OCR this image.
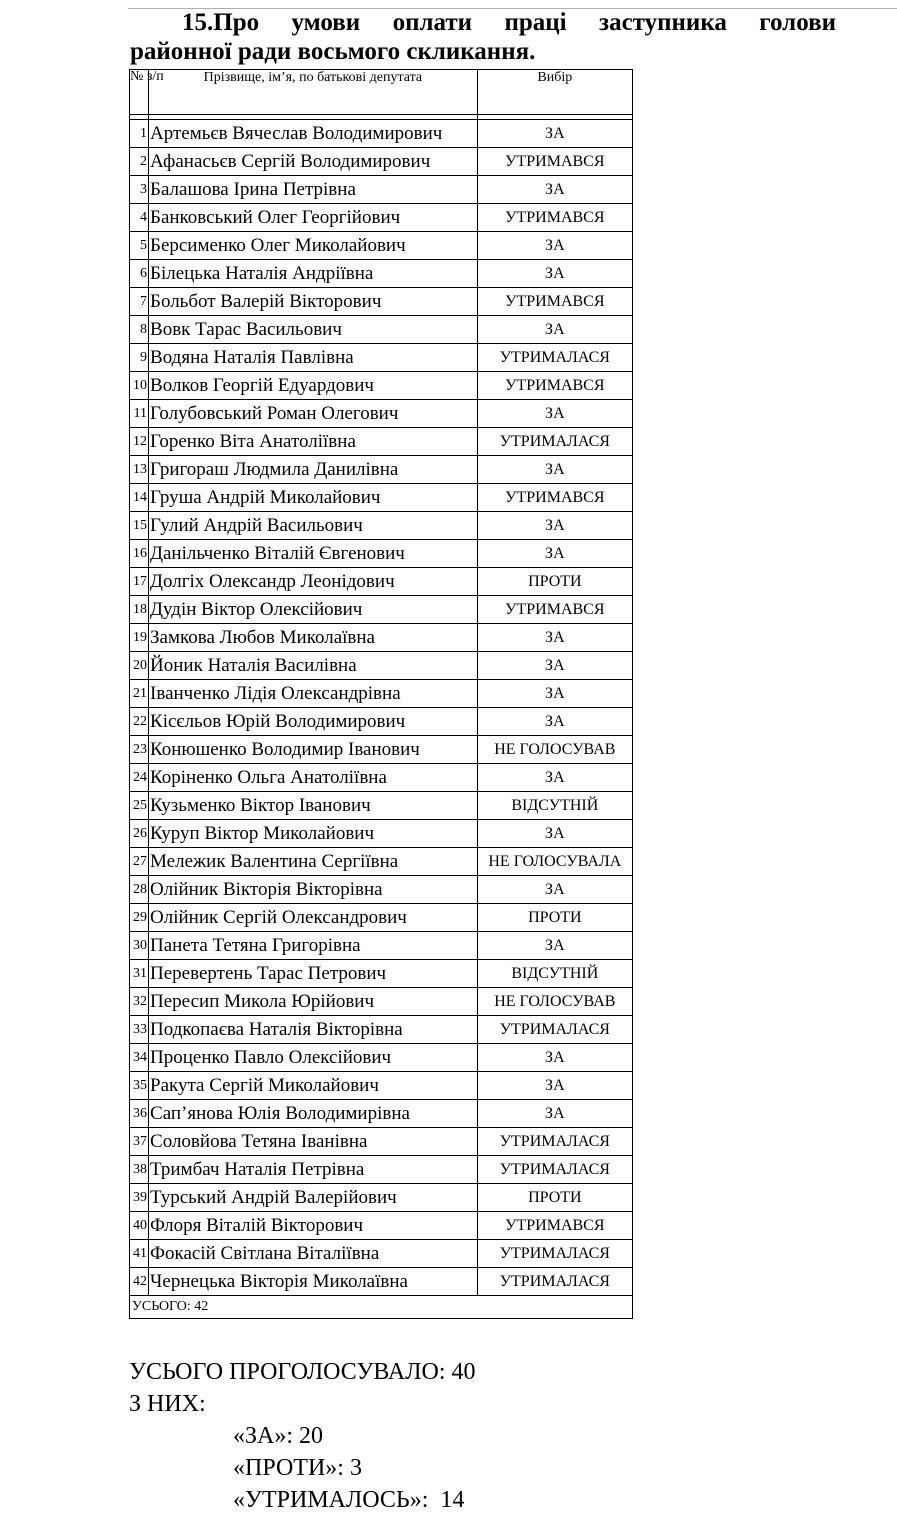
15.Про умови оплати праці заступника голови
районної ради восьмого скликання.
№ з/п	Прізвище, ім’я, по батькові депутата	Вибір

1	Артемьєв Вячеслав Володимирович	ЗА
2	Афанасьєв Сергій Володимирович	УТРИМАВСЯ
3	Балашова Ірина Петрівна	ЗА
4	Банковський Олег Георгійович	УТРИМАВСЯ
5	Берсименко Олег Миколайович	ЗА
6	Білецька Наталія Андріївна	ЗА
7	Больбот Валерій Вікторович	УТРИМАВСЯ
8	Вовк Тарас Васильович	ЗА
9	Водяна Наталія Павлівна	УТРИМАЛАСЯ
10	Волков Георгій Едуардович	УТРИМАВСЯ
11	Голубовський Роман Олегович	ЗА
12	Горенко Віта Анатоліївна	УТРИМАЛАСЯ
13	Григораш Людмила Данилівна	ЗА
14	Груша Андрій Миколайович	УТРИМАВСЯ
15	Гулий Андрій Васильович	ЗА
16	Данільченко Віталій Євгенович	ЗА
17	Долгіх Олександр Леонідович	ПРОТИ
18	Дудін Віктор Олексійович	УТРИМАВСЯ
19	Замкова Любов Миколаївна	ЗА
20	Йоник Наталія Василівна	ЗА
21	Іванченко Лідія Олександрівна	ЗА
22	Кісєльов Юрій Володимирович	ЗА
23	Конюшенко Володимир Іванович	НЕ ГОЛОСУВАВ
24	Коріненко Ольга Анатоліївна	ЗА
25	Кузьменко Віктор Іванович	ВІДСУТНІЙ
26	Куруп Віктор Миколайович	ЗА
27	Мележик Валентина Сергіївна	НЕ ГОЛОСУВАЛА
28	Олійник Вікторія Вікторівна	ЗА
29	Олійник Сергій Олександрович	ПРОТИ
30	Панета Тетяна Григорівна	ЗА
31	Перевертень Тарас Петрович	ВІДСУТНІЙ
32	Пересип Микола Юрійович	НЕ ГОЛОСУВАВ
33	Подкопаєва Наталія Вікторівна	УТРИМАЛАСЯ
34	Проценко Павло Олексійович	ЗА
35	Ракута Сергій Миколайович	ЗА
36	Сап’янова Юлія Володимирівна	ЗА
37	Соловйова Тетяна Іванівна	УТРИМАЛАСЯ
38	Тримбач Наталія Петрівна	УТРИМАЛАСЯ
39	Турський Андрій Валерійович	ПРОТИ
40	Флоря Віталій Вікторович	УТРИМАВСЯ
41	Фокасій Світлана Віталіївна	УТРИМАЛАСЯ
42	Чернецька Вікторія Миколаївна	УТРИМАЛАСЯ
УСЬОГО: 42		
УСЬОГО ПРОГОЛОСУВАЛО: 40
З НИХ:
«ЗА»: 20
«ПРОТИ»: 3
«УТРИМАЛОСЬ»:  14
